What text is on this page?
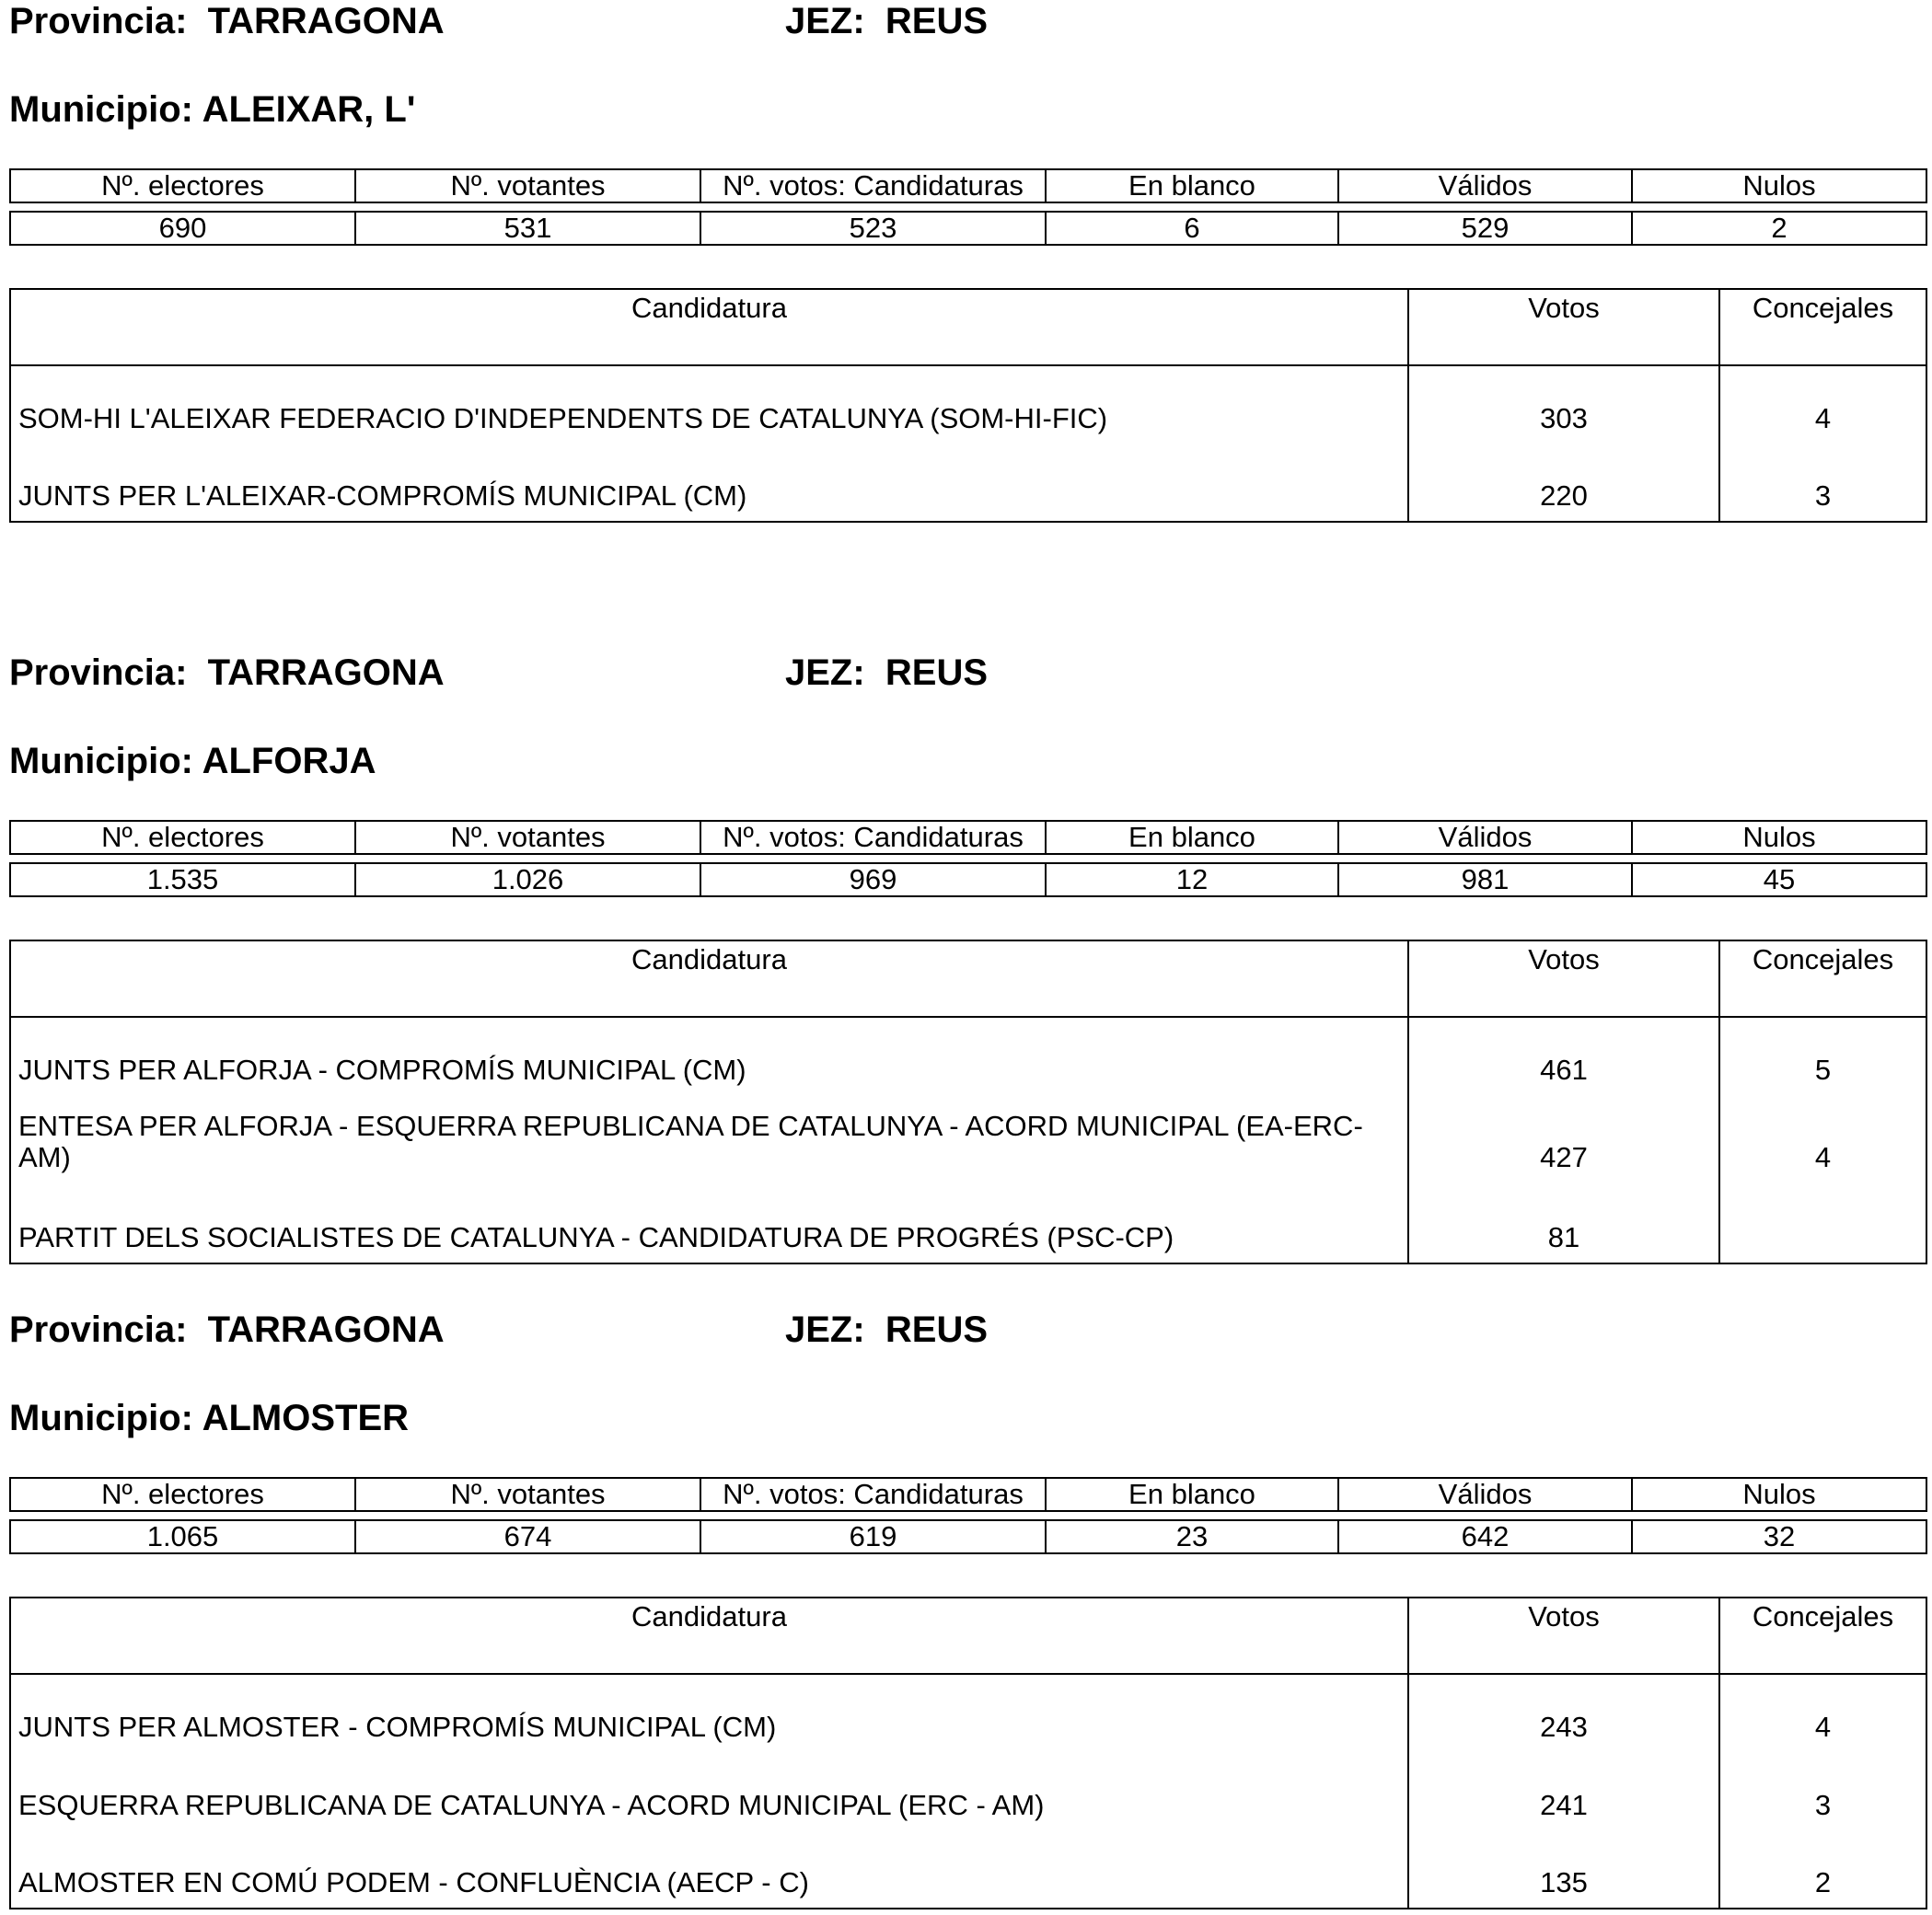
Provincia: TARRAGONA	JEZ: REUS
Municipio: ALEIXAR, L'
Nº. electores	Nº. votantes	Nº. votos: Candidaturas	En blanco	Válidos	Nulos

690	531	523	6	529	2
Candidatura	Votos	Concejales
SOM-HI L'ALEIXAR FEDERACIO D'INDEPENDENTS DE CATALUNYA (SOM-HI-FIC)	303	4
JUNTS PER L'ALEIXAR-COMPROMÍS MUNICIPAL (CM)	220	3
Provincia: TARRAGONA	JEZ: REUS
Municipio: ALFORJA
Nº. electores	Nº. votantes	Nº. votos: Candidaturas	En blanco	Válidos	Nulos

1.535	1.026	969	12	981	45
Candidatura	Votos	Concejales
JUNTS PER ALFORJA - COMPROMÍS MUNICIPAL (CM)	461	5
ENTESA PER ALFORJA - ESQUERRA REPUBLICANA DE CATALUNYA - ACORD MUNICIPAL (EA-ERC-AM)	427	4
PARTIT DELS SOCIALISTES DE CATALUNYA - CANDIDATURA DE PROGRÉS (PSC-CP)	81	
Provincia: TARRAGONA	JEZ: REUS
Municipio: ALMOSTER
Nº. electores	Nº. votantes	Nº. votos: Candidaturas	En blanco	Válidos	Nulos

1.065	674	619	23	642	32
Candidatura	Votos	Concejales
JUNTS PER ALMOSTER - COMPROMÍS MUNICIPAL (CM)	243	4
ESQUERRA REPUBLICANA DE CATALUNYA - ACORD MUNICIPAL (ERC - AM)	241	3
ALMOSTER EN COMÚ PODEM - CONFLUÈNCIA (AECP - C)	135	2
